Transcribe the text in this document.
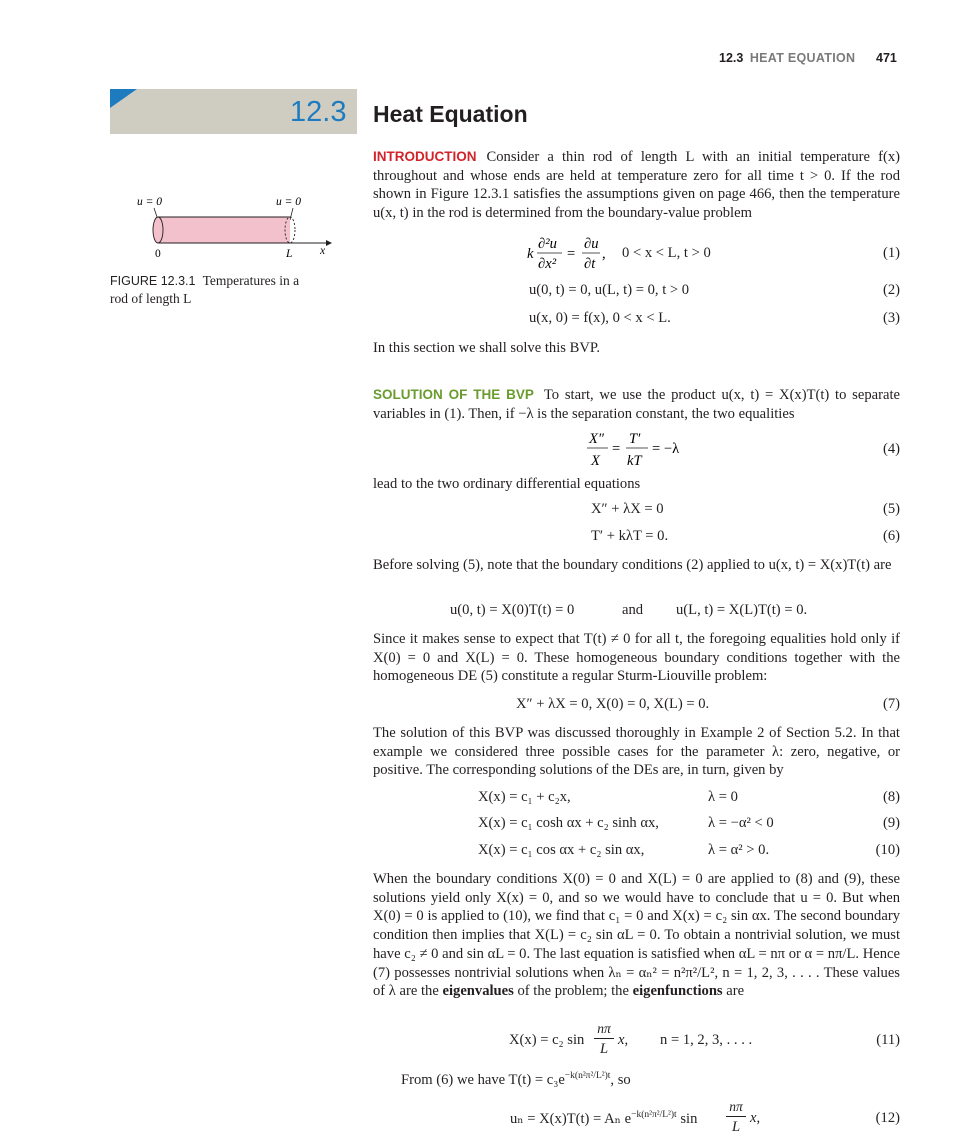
12.3 HEAT EQUATION 471
12.3 Heat Equation
u = 0	u = 0
0	L x
FIGURE 12.3.1 Temperatures in a rod of length L
INTRODUCTION Consider a thin rod of length L with an initial temperature f(x) throughout and whose ends are held at temperature zero for all time t > 0. If the rod shown in Figure 12.3.1 satisfies the assumptions given on page 466, then the temperature u(x, t) in the rod is determined from the boundary-value problem
k
∂²u
∂x²
=
∂u
∂t
, 0 < x < L, t > 0	(1)
u(0, t) = 0, u(L, t) = 0, t > 0	(2)
u(x, 0) = f(x), 0 < x < L.	(3)
In this section we shall solve this BVP.
SOLUTION OF THE BVP To start, we use the product u(x, t) = X(x)T(t) to separate variables in (1). Then, if −λ is the separation constant, the two equalities
X″
X
=
T′
kT
= −λ	(4)
lead to the two ordinary differential equations
X″ + λX = 0	(5)
T′ + kλT = 0.	(6)
Before solving (5), note that the boundary conditions (2) applied to u(x, t) = X(x)T(t) are
u(0, t) = X(0)T(t) = 0	and u(L, t) = X(L)T(t) = 0.
Since it makes sense to expect that T(t) ≠ 0 for all t, the foregoing equalities hold only if X(0) = 0 and X(L) = 0. These homogeneous boundary conditions together with the homogeneous DE (5) constitute a regular Sturm-Liouville problem:
X″ + λX = 0, X(0) = 0, X(L) = 0.	(7)
The solution of this BVP was discussed thoroughly in Example 2 of Section 5.2. In that example we considered three possible cases for the parameter λ: zero, negative, or positive. The corresponding solutions of the DEs are, in turn, given by
X(x) = c₁ + c₂x,	λ = 0	(8)
X(x) = c₁ cosh αx + c₂ sinh αx,	λ = −α² < 0	(9)
X(x) = c₁ cos αx + c₂ sin αx,	λ = α² > 0.	(10)
When the boundary conditions X(0) = 0 and X(L) = 0 are applied to (8) and (9), these solutions yield only X(x) = 0, and so we would have to conclude that u = 0. But when X(0) = 0 is applied to (10), we find that c₁ = 0 and X(x) = c₂ sin αx. The second boundary condition then implies that X(L) = c₂ sin αL = 0. To obtain a nontrivial solution, we must have c₂ ≠ 0 and sin αL = 0. The last equation is satisfied when αL = nπ or α = nπ/L. Hence (7) possesses nontrivial solutions when λₙ = αₙ² = n²π²/L², n = 1, 2, 3, . . . . These values of λ are the eigenvalues of the problem; the eigenfunctions are
X(x) = c₂ sin
nπ
L
x, n = 1, 2, 3, . . . .	(11)
From (6) we have $T(t) = c_3e^{-k(n^2\pi^2/L^2)t}$, so
uₙ = X(x)T(t) = Aₙ $e^{-k(n^2\pi^2/L^2)t}$ sin
nπ
L
x,	(12)
